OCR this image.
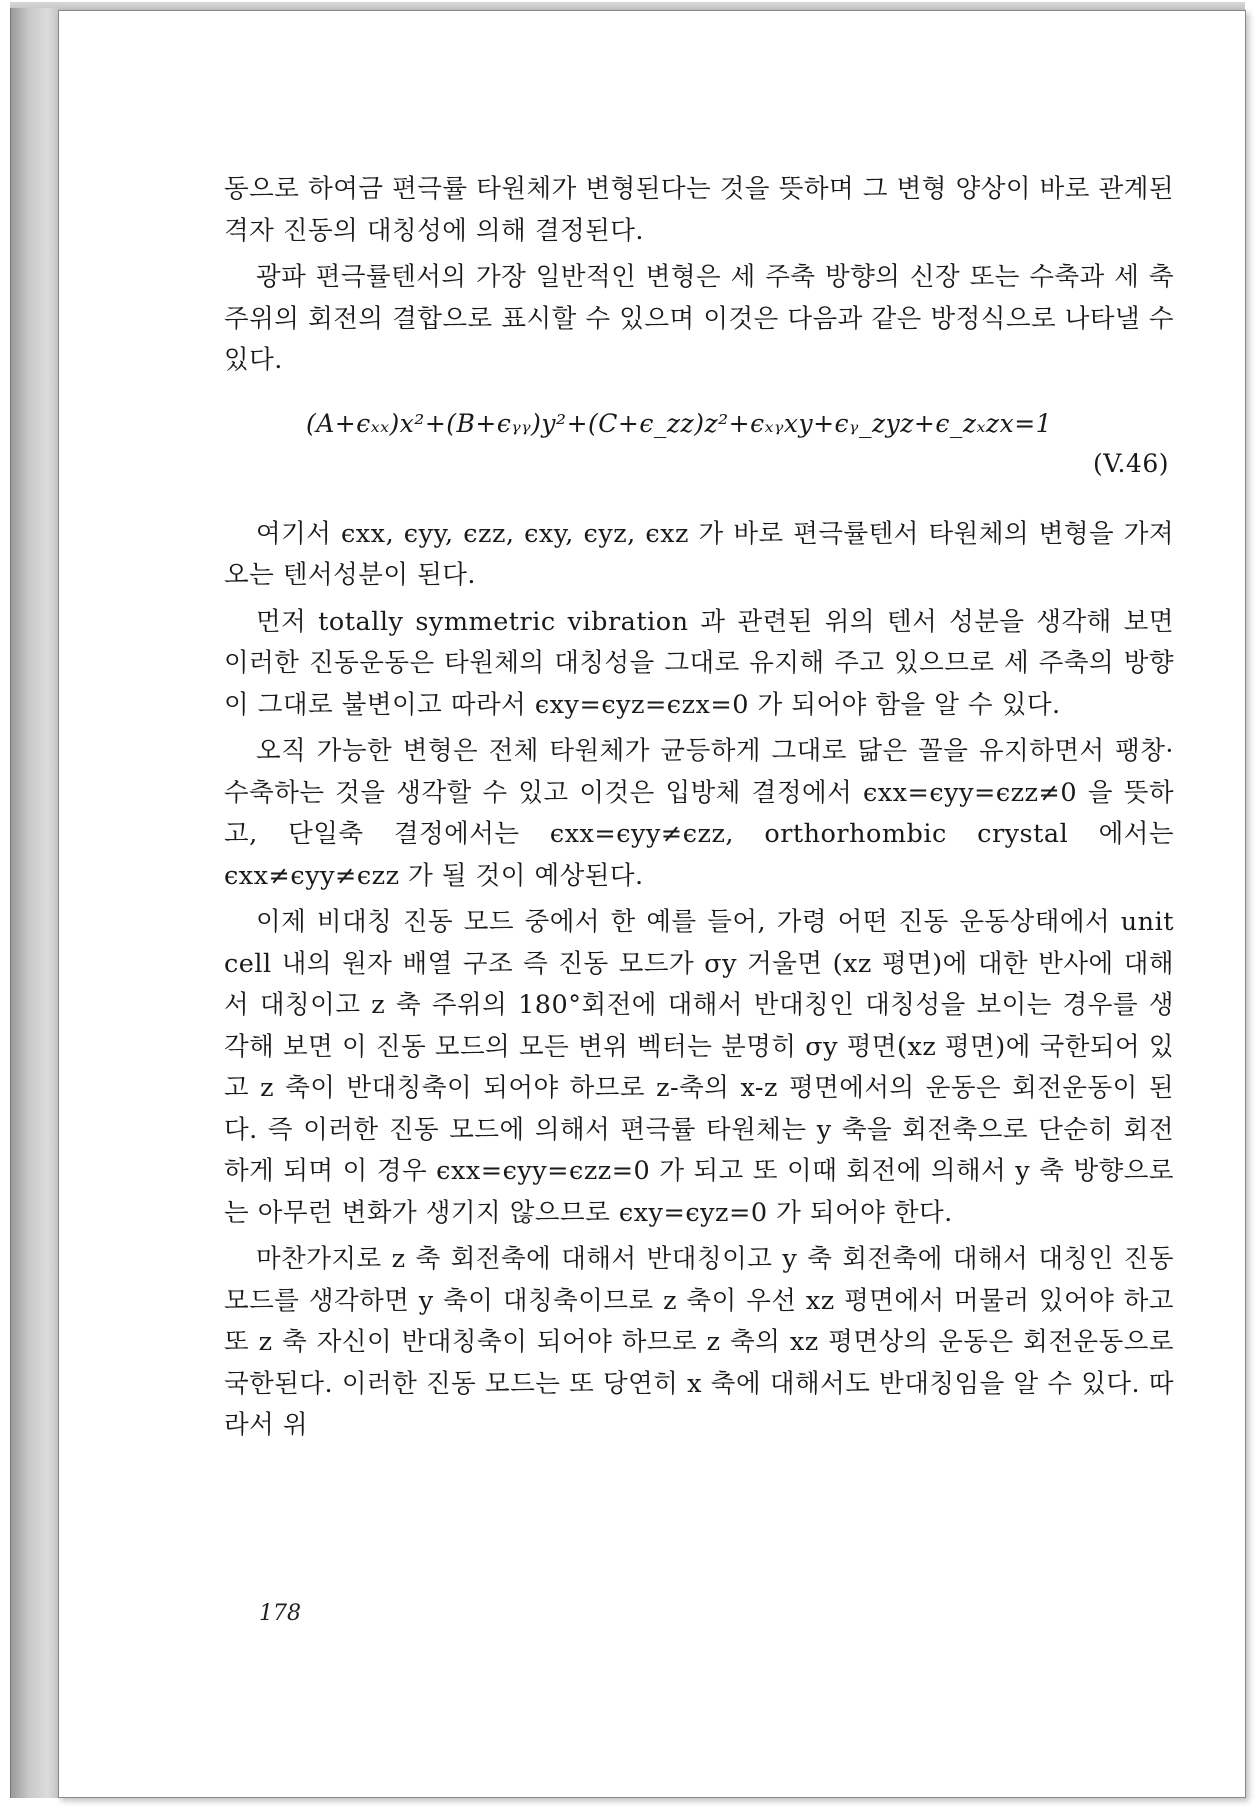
동으로 하여금 편극률 타원체가 변형된다는 것을 뜻하며 그 변형 양상이 바로 관계된 격자 진동의 대칭성에 의해 결정된다.

광파 편극률텐서의 가장 일반적인 변형은 세 주축 방향의 신장 또는 수축과 세 축 주위의 회전의 결합으로 표시할 수 있으며 이것은 다음과 같은 방정식으로 나타낼 수 있다.

(A+ϵₓₓ)x²+(B+ϵᵧᵧ)y²+(C+ϵ_zz)z²+ϵₓᵧxy+ϵᵧ_zyz+ϵ_zₓzx=1
(V.46)

여기서 ϵxx, ϵyy, ϵzz, ϵxy, ϵyz, ϵxz 가 바로 편극률텐서 타원체의 변형을 가져오는 텐서성분이 된다.

먼저 totally symmetric vibration 과 관련된 위의 텐서 성분을 생각해 보면 이러한 진동운동은 타원체의 대칭성을 그대로 유지해 주고 있으므로 세 주축의 방향이 그대로 불변이고 따라서 ϵxy=ϵyz=ϵzx=0 가 되어야 함을 알 수 있다.

오직 가능한 변형은 전체 타원체가 균등하게 그대로 닮은 꼴을 유지하면서 팽창·수축하는 것을 생각할 수 있고 이것은 입방체 결정에서 ϵxx=ϵyy=ϵzz≠0 을 뜻하고, 단일축 결정에서는 ϵxx=ϵyy≠ϵzz, orthorhombic crystal 에서는 ϵxx≠ϵyy≠ϵzz 가 될 것이 예상된다.

이제 비대칭 진동 모드 중에서 한 예를 들어, 가령 어떤 진동 운동상태에서 unit cell 내의 원자 배열 구조 즉 진동 모드가 σy 거울면 (xz 평면)에 대한 반사에 대해서 대칭이고 z 축 주위의 180°회전에 대해서 반대칭인 대칭성을 보이는 경우를 생각해 보면 이 진동 모드의 모든 변위 벡터는 분명히 σy 평면(xz 평면)에 국한되어 있고 z 축이 반대칭축이 되어야 하므로 z-축의 x-z 평면에서의 운동은 회전운동이 된다. 즉 이러한 진동 모드에 의해서 편극률 타원체는 y 축을 회전축으로 단순히 회전하게 되며 이 경우 ϵxx=ϵyy=ϵzz=0 가 되고 또 이때 회전에 의해서 y 축 방향으로는 아무런 변화가 생기지 않으므로 ϵxy=ϵyz=0 가 되어야 한다.

마찬가지로 z 축 회전축에 대해서 반대칭이고 y 축 회전축에 대해서 대칭인 진동 모드를 생각하면 y 축이 대칭축이므로 z 축이 우선 xz 평면에서 머물러 있어야 하고 또 z 축 자신이 반대칭축이 되어야 하므로 z 축의 xz 평면상의 운동은 회전운동으로 국한된다. 이러한 진동 모드는 또 당연히 x 축에 대해서도 반대칭임을 알 수 있다. 따라서 위

178
